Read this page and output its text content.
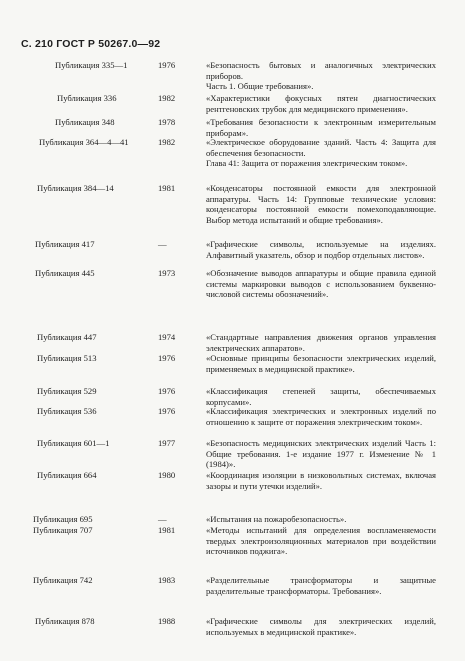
С. 210 ГОСТ Р 50267.0—92
Публикация 335—1	1976	«Безопасность бытовых и аналогичных электрических приборов.
Часть 1. Общие требования».
Публикация 336	1982	«Характеристики фокусных пятен диагностических рентгеновских трубок для медицинского применения».
Публикация 348	1978	«Требования безопасности к электронным измерительным приборам».
Публикация 364—4—41	1982	«Электрическое оборудование зданий. Часть 4: Защита для обеспечения безопасности.
Глава 41: Защита от поражения электрическим током».
Публикация 384—14	1981	«Конденсаторы постоянной емкости для электронной аппаратуры. Часть 14: Групповые технические условия: конденсаторы постоянной емкости помехоподавляющие. Выбор метода испытаний и общие требования».
Публикация 417	—	«Графические символы, используемые на изделиях. Алфавитный указатель, обзор и подбор отдельных листов».
Публикация 445	1973	«Обозначение выводов аппаратуры и общие правила единой системы маркировки выводов с использованием буквенно-числовой системы обозначений».
Публикация 447	1974	«Стандартные направления движения органов управления электрических аппаратов».
Публикация 513	1976	«Основные принципы безопасности электрических изделий, применяемых в медицинской практике».
Публикация 529	1976	«Классификация степеней защиты, обеспечиваемых корпусами».
Публикация 536	1976	«Классификация электрических и электронных изделий по отношению к защите от поражения электрическим током».
Публикация 601—1	1977	«Безопасность медицинских электрических изделий Часть 1: Общие требования. 1-е издание 1977 г. Изменение № 1 (1984)».
Публикация 664	1980	«Координация изоляции в низковольтных системах, включая зазоры и пути утечки изделий».
Публикация 695	—	«Испытания на пожаробезопасность».
Публикация 707	1981	«Методы испытаний для определения воспламеняемости твердых электроизоляционных материалов при воздействии источников поджига».
Публикация 742	1983	«Разделительные трансформаторы и защитные разделительные трансформаторы. Требования».
Публикация 878	1988	«Графические символы для электрических изделий, используемых в медицинской практике».
